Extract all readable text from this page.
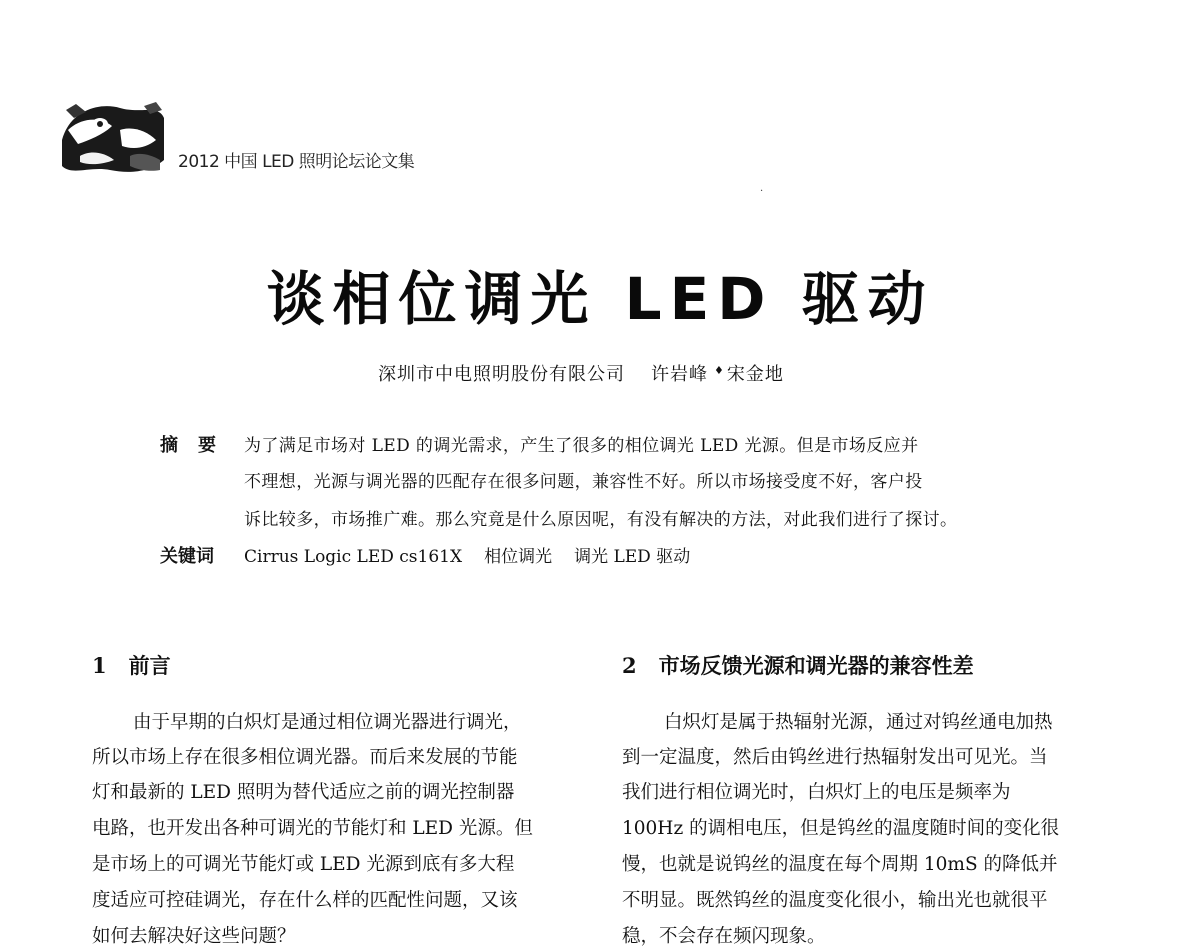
2012 中国 LED 照明论坛论文集
·
谈相位调光 LED 驱动
深圳市中电照明股份有限公司 许岩峰 ♦ 宋金地
摘要 为了满足市场对 LED 的调光需求，产生了很多的相位调光 LED 光源。但是市场反应并
不理想，光源与调光器的匹配存在很多问题，兼容性不好。所以市场接受度不好，客户投
诉比较多，市场推广难。那么究竟是什么原因呢，有没有解决的方法，对此我们进行了探讨。
关键词 Cirrus Logic LED cs161X 相位调光 调光 LED 驱动
1 前言	2 市场反馈光源和调光器的兼容性差
由于早期的白炽灯是通过相位调光器进行调光，
所以市场上存在很多相位调光器。而后来发展的节能
灯和最新的 LED 照明为替代适应之前的调光控制器
电路，也开发出各种可调光的节能灯和 LED 光源。但
是市场上的可调光节能灯或 LED 光源到底有多大程
度适应可控硅调光，存在什么样的匹配性问题，又该
如何去解决好这些问题？
白炽灯是属于热辐射光源，通过对钨丝通电加热
到一定温度，然后由钨丝进行热辐射发出可见光。当
我们进行相位调光时，白炽灯上的电压是频率为
100Hz 的调相电压，但是钨丝的温度随时间的变化很
慢，也就是说钨丝的温度在每个周期 10mS 的降低并
不明显。既然钨丝的温度变化很小，输出光也就很平
稳，不会存在频闪现象。
